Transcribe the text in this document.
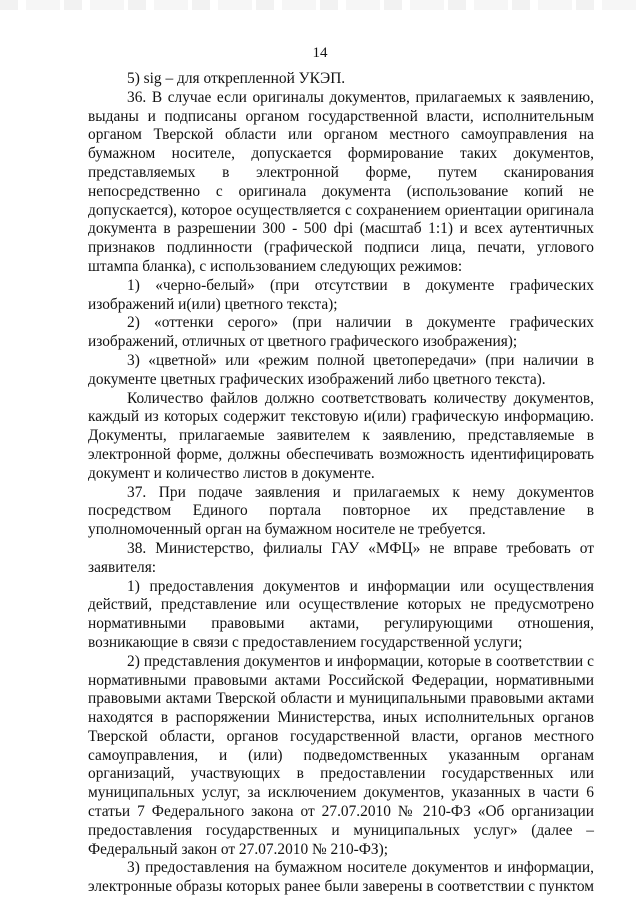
14

5) sig – для открепленной УКЭП.

36. В случае если оригиналы документов, прилагаемых к заявлению, выданы и подписаны органом государственной власти, исполнительным органом Тверской области или органом местного самоуправления на бумажном носителе, допускается формирование таких документов, представляемых в электронной форме, путем сканирования непосредственно с оригинала документа (использование копий не допускается), которое осуществляется с сохранением ориентации оригинала документа в разрешении 300 - 500 dpi (масштаб 1:1) и всех аутентичных признаков подлинности (графической подписи лица, печати, углового штампа бланка), с использованием следующих режимов:

1) «черно-белый» (при отсутствии в документе графических изображений и(или) цветного текста);

2) «оттенки серого» (при наличии в документе графических изображений, отличных от цветного графического изображения);

3) «цветной» или «режим полной цветопередачи» (при наличии в документе цветных графических изображений либо цветного текста).

Количество файлов должно соответствовать количеству документов, каждый из которых содержит текстовую и(или) графическую информацию. Документы, прилагаемые заявителем к заявлению, представляемые в электронной форме, должны обеспечивать возможность идентифицировать документ и количество листов в документе.

37. При подаче заявления и прилагаемых к нему документов посредством Единого портала повторное их представление в уполномоченный орган на бумажном носителе не требуется.

38. Министерство, филиалы ГАУ «МФЦ» не вправе требовать от заявителя:

1) предоставления документов и информации или осуществления действий, представление или осуществление которых не предусмотрено нормативными правовыми актами, регулирующими отношения, возникающие в связи с предоставлением государственной услуги;

2) представления документов и информации, которые в соответствии с нормативными правовыми актами Российской Федерации, нормативными правовыми актами Тверской области и муниципальными правовыми актами находятся в распоряжении Министерства, иных исполнительных органов Тверской области, органов государственной власти, органов местного самоуправления, и (или) подведомственных указанным органам организаций, участвующих в предоставлении государственных или муниципальных услуг, за исключением документов, указанных в части 6 статьи 7 Федерального закона от 27.07.2010 № 210-ФЗ «Об организации предоставления государственных и муниципальных услуг» (далее – Федеральный закон от 27.07.2010 № 210-ФЗ);

3) предоставления на бумажном носителе документов и информации, электронные образы которых ранее были заверены в соответствии с пунктом
